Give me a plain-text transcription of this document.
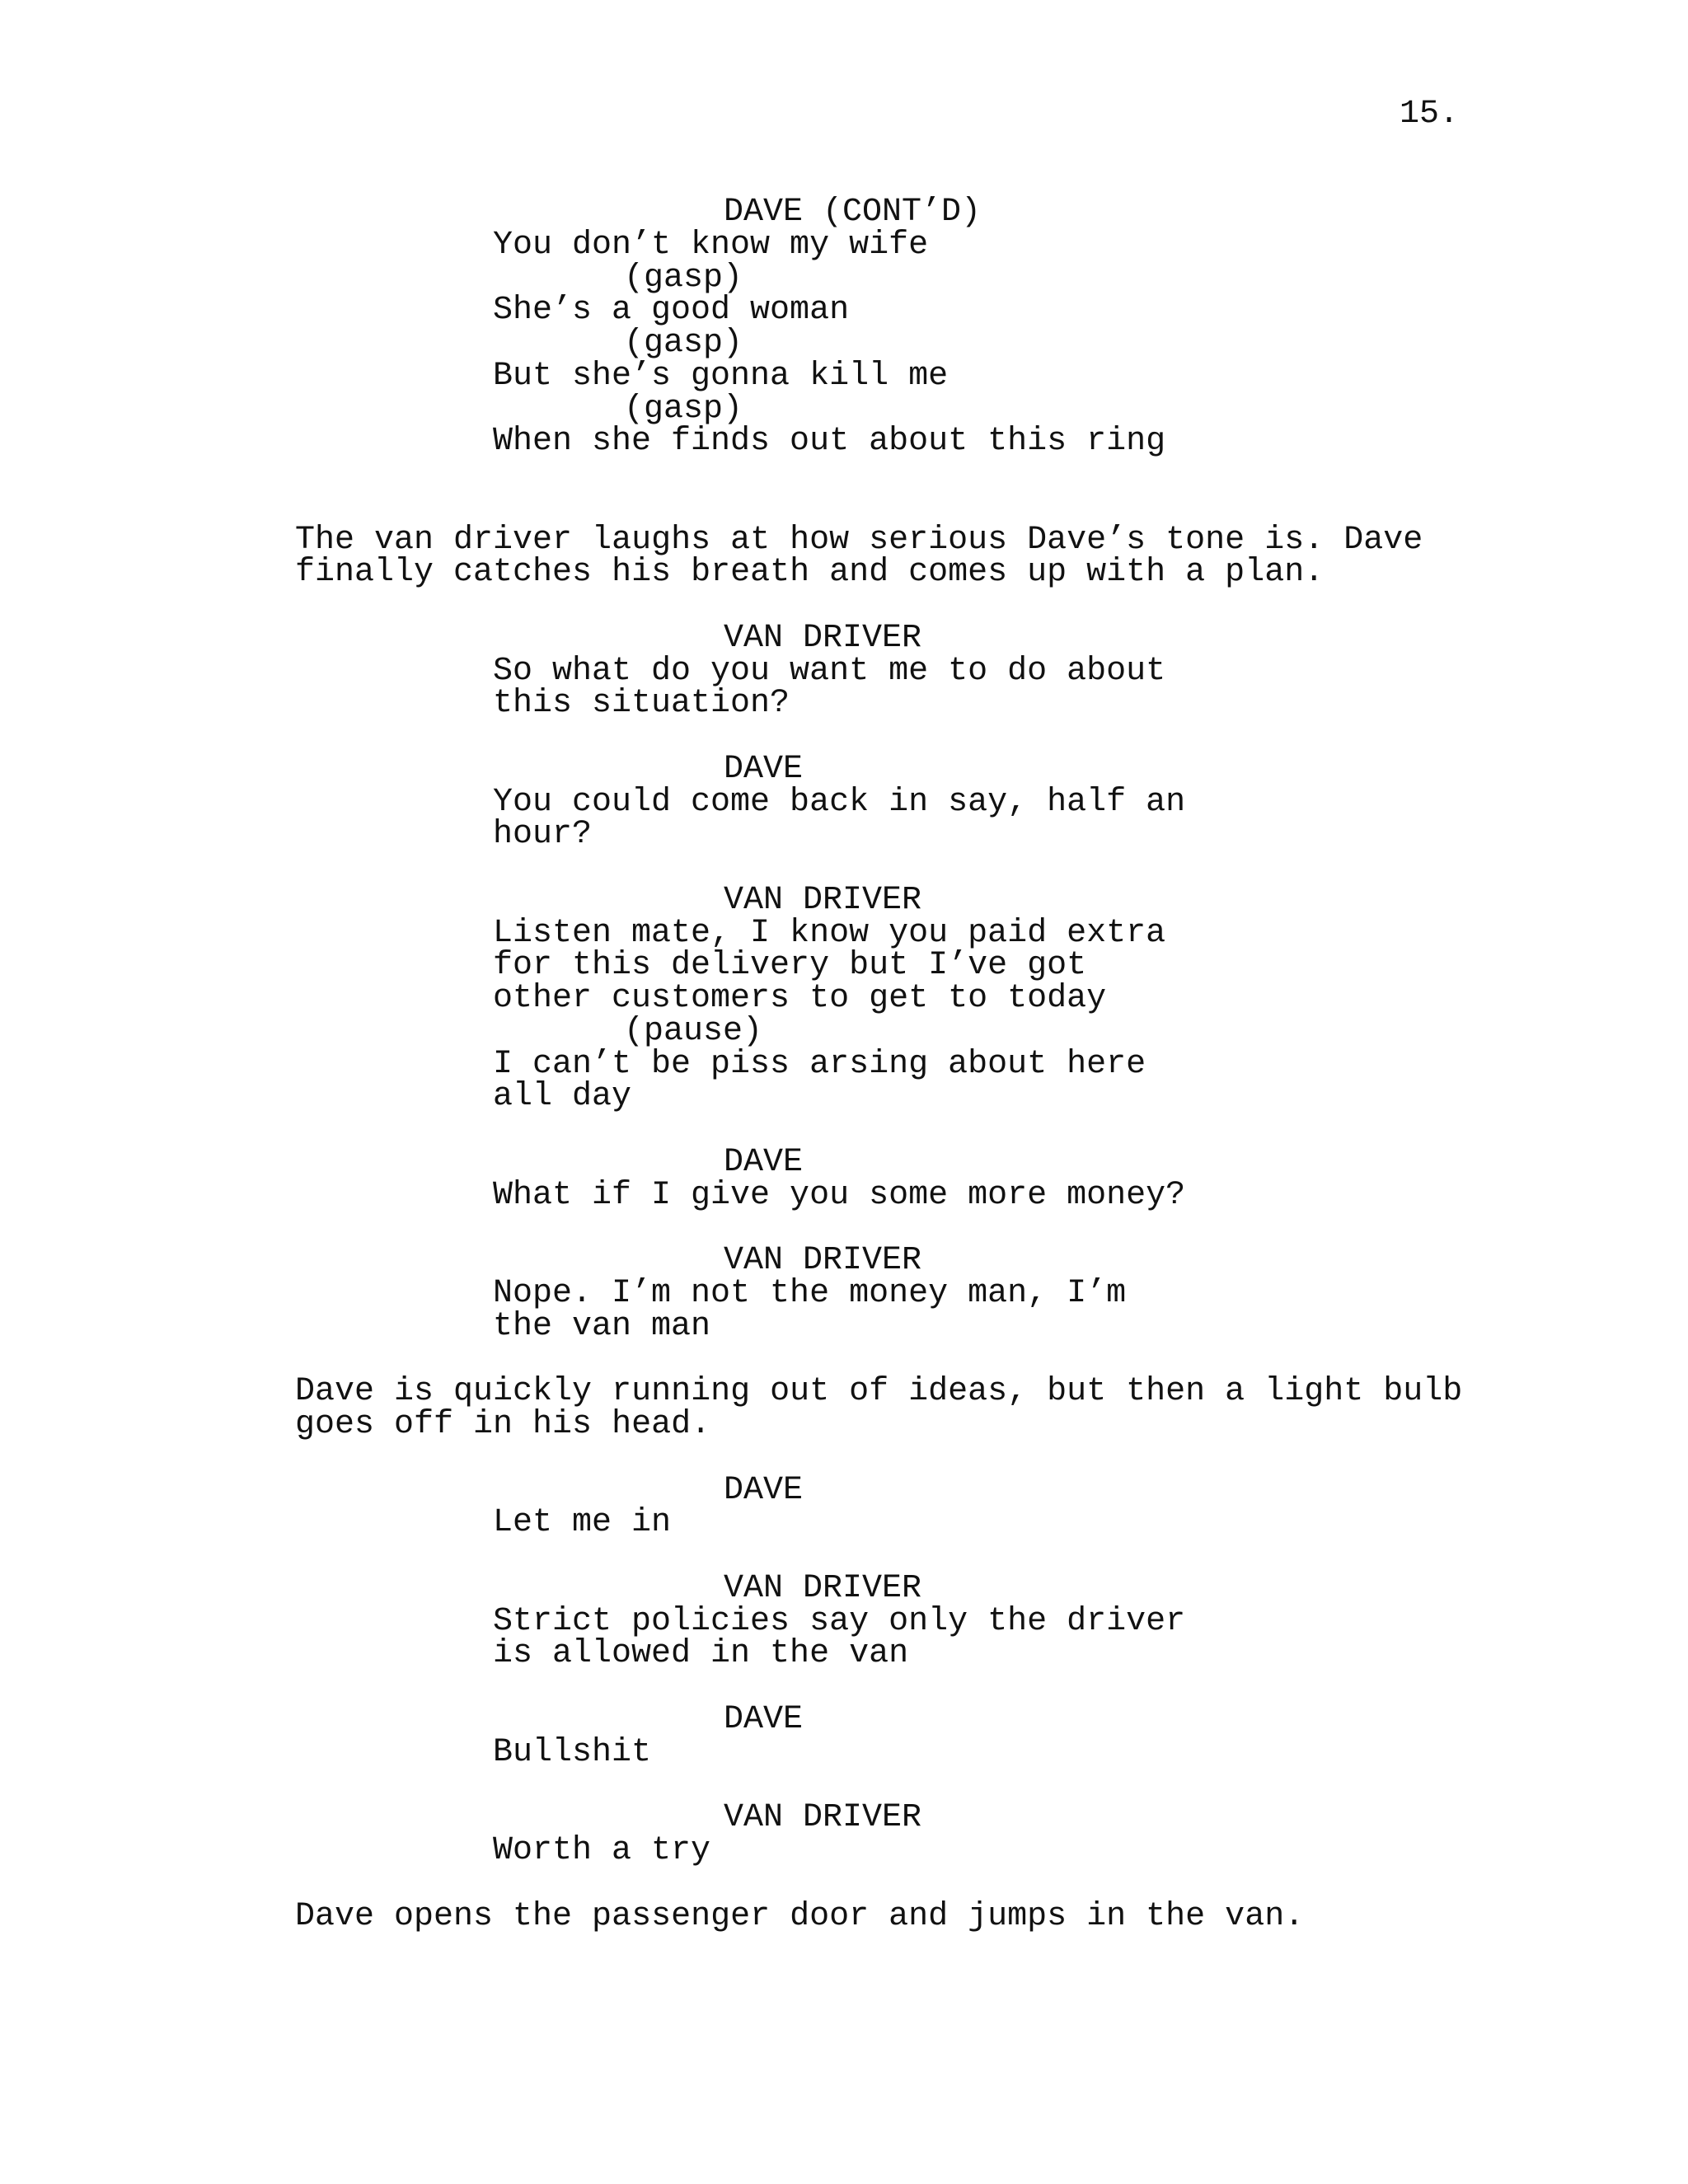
15.
DAVE (CONT’D)
You don’t know my wife
(gasp)
She’s a good woman
(gasp)
But she’s gonna kill me
(gasp)
When she finds out about this ring
The van driver laughs at how serious Dave’s tone is. Dave
finally catches his breath and comes up with a plan.
VAN DRIVER
So what do you want me to do about
this situation?
DAVE
You could come back in say, half an
hour?
VAN DRIVER
Listen mate, I know you paid extra
for this delivery but I’ve got
other customers to get to today
(pause)
I can’t be piss arsing about here
all day
DAVE
What if I give you some more money?
VAN DRIVER
Nope. I’m not the money man, I’m
the van man
Dave is quickly running out of ideas, but then a light bulb
goes off in his head.
DAVE
Let me in
VAN DRIVER
Strict policies say only the driver
is allowed in the van
DAVE
Bullshit
VAN DRIVER
Worth a try
Dave opens the passenger door and jumps in the van.
